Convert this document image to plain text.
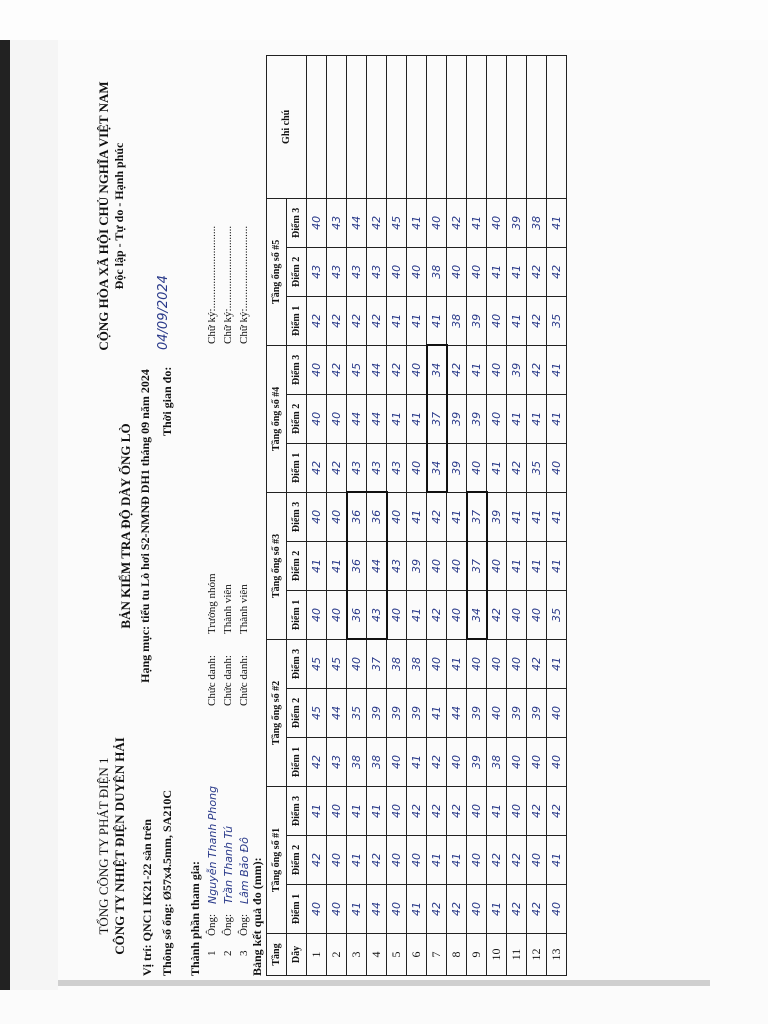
TỔNG CÔNG TY PHÁT ĐIỆN 1 CÔNG TY NHIỆT ĐIỆN DUYÊN HẢI
CỘNG HÒA XÃ HỘI CHỦ NGHĨA VIỆT NAM Độc lập - Tự do - Hạnh phúc
BẢN KIỂM TRA ĐỘ DÀY ỐNG LÒ Hạng mục: tiểu tu Lò hơi S2-NMNĐ DH1 tháng 09 năm 2024
Vị trí: QNC1 IK21-22 sàn trên Thông số ống: Ø57x4.5mm, SA210C
Thời gian đo:
04/09/2024
Thành phần tham gia: 1
Ông:
Nguyễn Thanh Phong
Chức danh:
Trưởng nhóm
Chữ ký:..............................
2
Ông:
Trần Thanh Tú
Chức danh:
Thành viên
Chữ ký:..............................
3
Ông:
Lâm Bảo Đô
Chức danh:
Thành viên
Chữ ký:..............................
Bảng kết quả đo (mm): Tầng	Tầng ống số #1			Tầng ống số #2			Tầng ống số #3			Tầng ống số #4			Tầng ống số #5			Ghi chú
Dãy	Điểm 1	Điểm 2	Điểm 3	Điểm 1	Điểm 2	Điểm 3	Điểm 1	Điểm 2	Điểm 3	Điểm 1	Điểm 2	Điểm 3	Điểm 1	Điểm 2	Điểm 3	
1	40	42	41	42	45	45	40	41	40	42	40	40	42	43	40	
2	40	40	40	43	44	45	40	41	40	42	40	42	42	43	43	
3	41	41	41	38	35	40	36	36	36	43	44	45	42	43	44	
4	44	42	41	38	39	37	43	44	36	43	44	44	42	43	42	
5	40	40	40	40	39	38	40	43	40	43	41	42	41	40	45	
6	41	40	42	41	39	38	41	39	41	40	41	40	41	40	41	
7	42	41	42	42	41	40	42	40	42	34	37	34	41	38	40	
8	42	41	42	40	44	41	40	40	41	39	39	42	38	40	42	
9	40	40	40	39	39	40	34	37	37	40	39	41	39	40	41	
10	41	42	41	38	40	40	42	40	39	41	40	40	40	41	40	
11	42	42	40	40	39	40	40	41	41	42	41	39	41	41	39	
12	42	40	42	40	39	42	40	41	41	35	41	42	42	42	38	
13	40	41	42	40	40	41	35	41	41	40	41	41	35	42	41	
